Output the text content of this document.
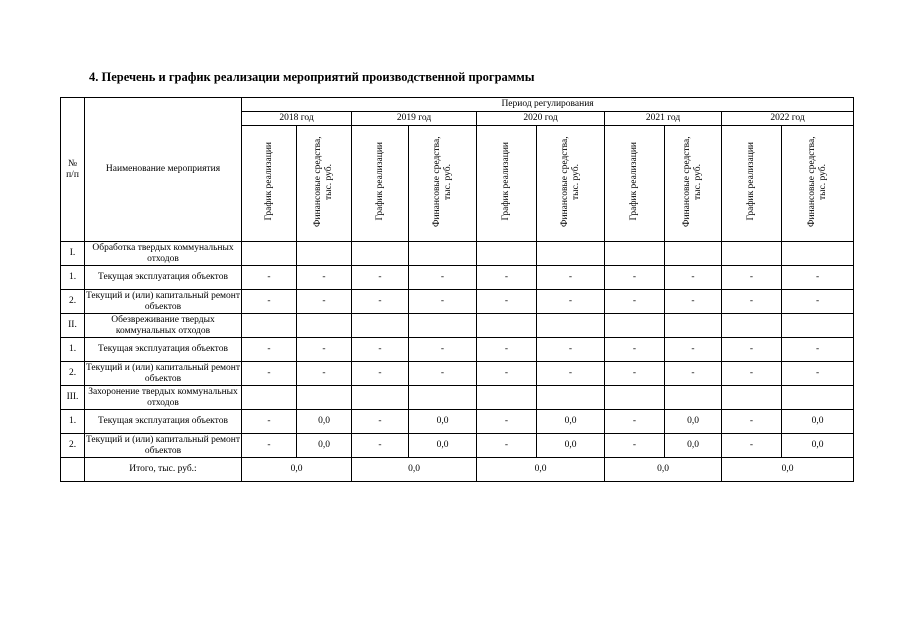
4. Перечень и график реализации мероприятий производственной программы
№
п/п	Наименование мероприятия	Период регулирования									
		2018 год		2019 год		2020 год		2021 год		2022 год	
		График реализации	Финансовые средства, тыс. руб.	График реализации	Финансовые средства, тыс. руб.	График реализации	Финансовые средства, тыс. руб.	График реализации	Финансовые средства, тыс. руб.	График реализации	Финансовые средства, тыс. руб.
I.	Обработка твердых коммунальных отходов										
1.	Текущая эксплуатация объектов	-	-	-	-	-	-	-	-	-	-
2.	Текущий и (или) капитальный ремонт объектов	-	-	-	-	-	-	-	-	-	-
II.	Обезвреживание твердых коммунальных отходов										
1.	Текущая эксплуатация объектов	-	-	-	-	-	-	-	-	-	-
2.	Текущий и (или) капитальный ремонт объектов	-	-	-	-	-	-	-	-	-	-
III.	Захоронение твердых коммунальных отходов										
1.	Текущая эксплуатация объектов	-	0,0	-	0,0	-	0,0	-	0,0	-	0,0
2.	Текущий и (или) капитальный ремонт объектов	-	0,0	-	0,0	-	0,0	-	0,0	-	0,0
	Итого, тыс. руб.:	0,0		0,0		0,0		0,0		0,0	
